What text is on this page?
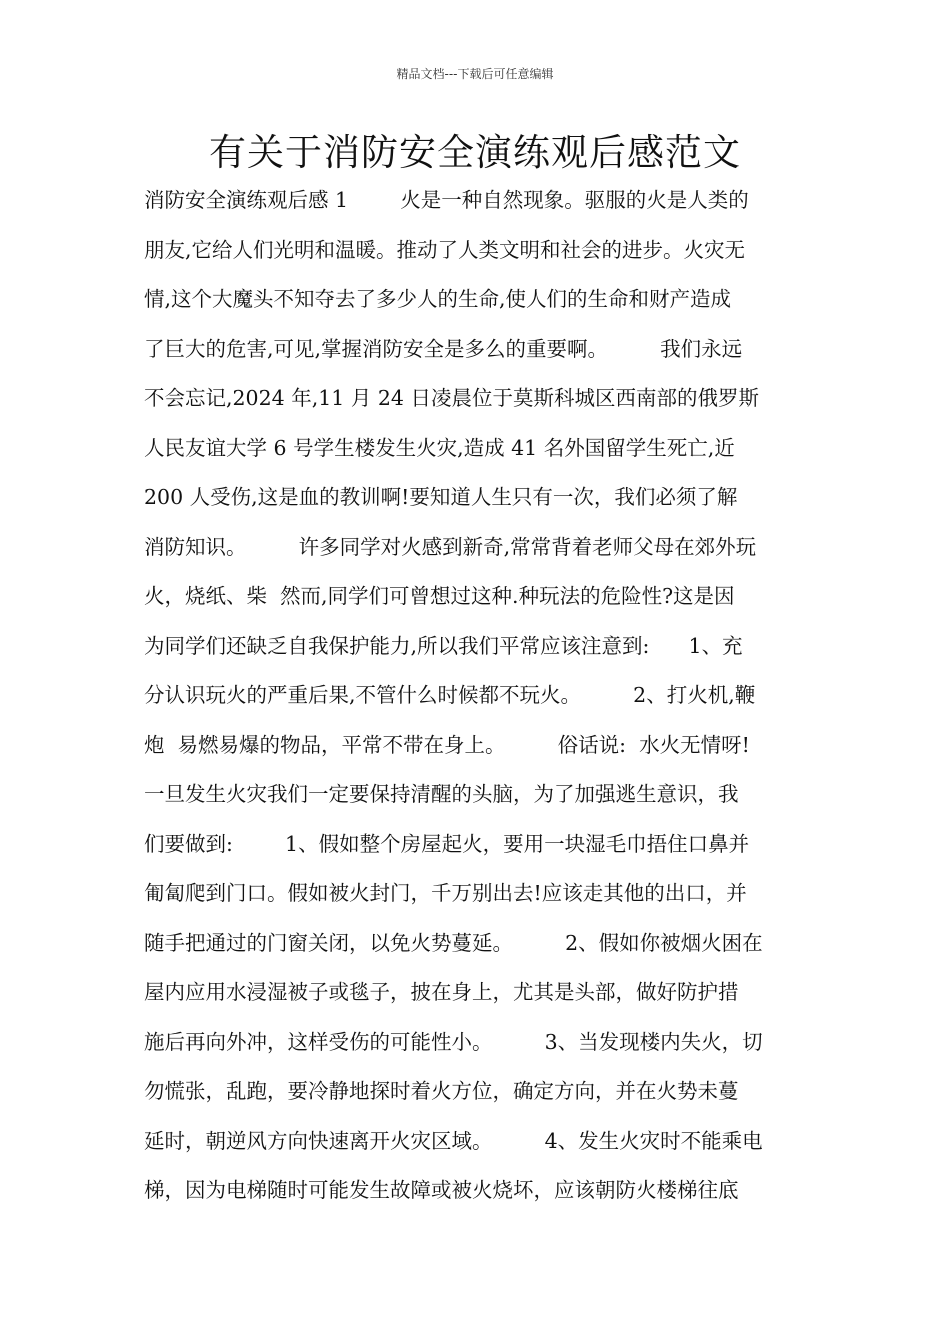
精品文档---下载后可任意编辑
有关于消防安全演练观后感范文
消防安全演练观后感 1        火是一种自然现象。驱服的火是人类的
朋友,它给人们光明和温暖。推动了人类文明和社会的进步。火灾无
情,这个大魔头不知夺去了多少人的生命,使人们的生命和财产造成
了巨大的危害,可见,掌握消防安全是多么的重要啊。        我们永远
不会忘记,2024 年,11 月 24 日凌晨位于莫斯科城区西南部的俄罗斯
人民友谊大学 6 号学生楼发生火灾,造成 41 名外国留学生死亡,近
200 人受伤,这是血的教训啊!要知道人生只有一次，我们必须了解
消防知识。        许多同学对火感到新奇,常常背着老师父母在郊外玩
火，烧纸、柴  然而,同学们可曾想过这种.种玩法的危险性?这是因
为同学们还缺乏自我保护能力,所以我们平常应该注意到:      1、充
分认识玩火的严重后果,不管什么时候都不玩火。        2、打火机,鞭
炮  易燃易爆的物品，平常不带在身上。        俗话说:  水火无情呀!
一旦发生火灾我们一定要保持清醒的头脑，为了加强逃生意识，我
们要做到:        1、假如整个房屋起火，要用一块湿毛巾捂住口鼻并
匍匐爬到门口。假如被火封门，千万别出去!应该走其他的出口，并
随手把通过的门窗关闭，以免火势蔓延。        2、假如你被烟火困在
屋内应用水浸湿被子或毯子，披在身上，尤其是头部，做好防护措
施后再向外冲，这样受伤的可能性小。        3、当发现楼内失火，切
勿慌张，乱跑，要冷静地探时着火方位，确定方向，并在火势未蔓
延时，朝逆风方向快速离开火灾区域。        4、发生火灾时不能乘电
梯，因为电梯随时可能发生故障或被火烧坏，应该朝防火楼梯往底
